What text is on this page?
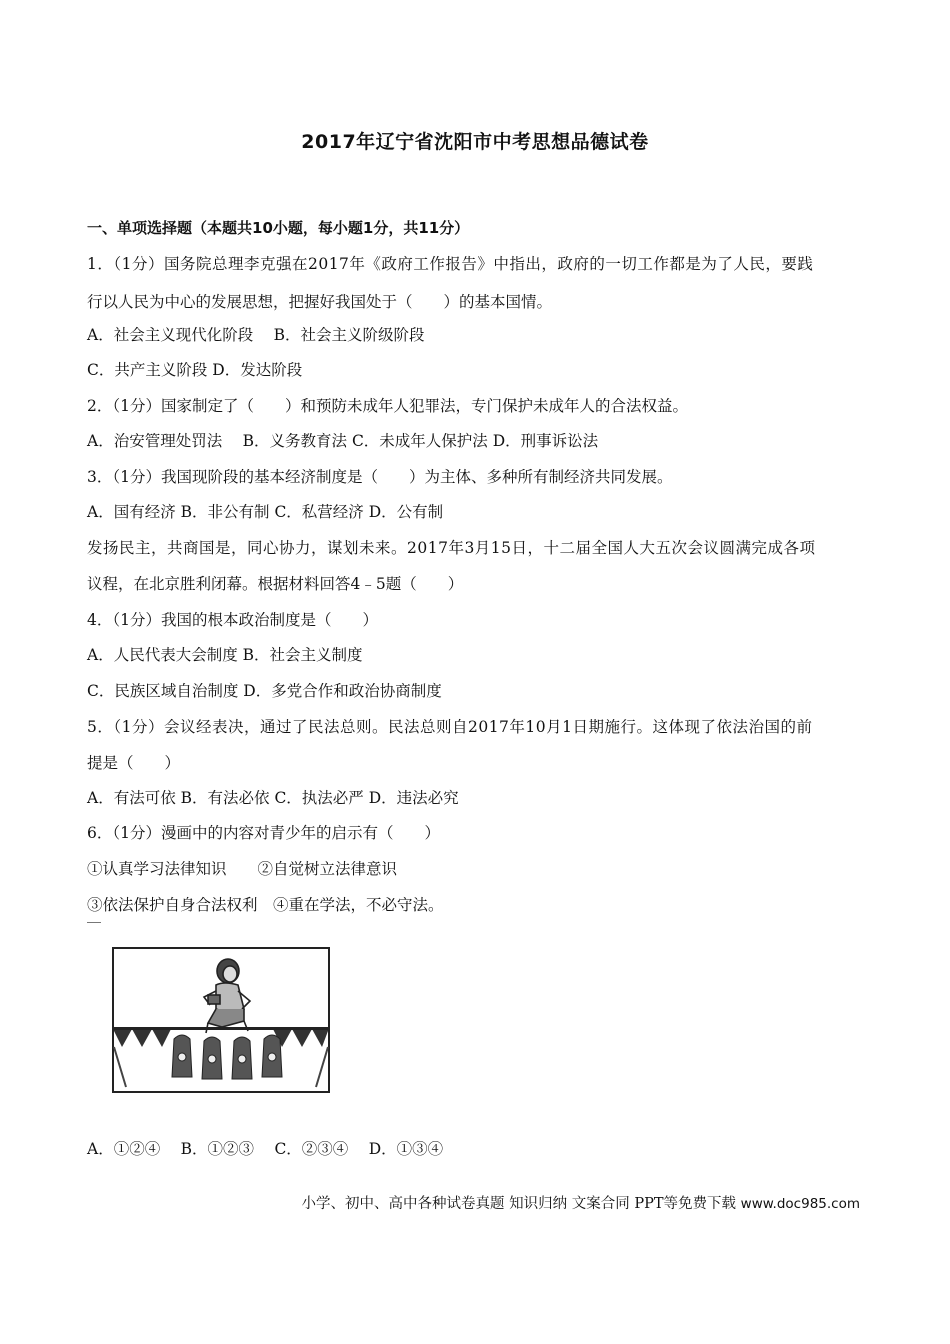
2017年辽宁省沈阳市中考思想品德试卷
一、单项选择题（本题共10小题，每小题1分，共11分）
1．（1分）国务院总理李克强在2017年《政府工作报告》中指出，政府的一切工作都是为了人民，要践
行以人民为中心的发展思想，把握好我国处于（　　）的基本国情。
A．社会主义现代化阶段　 B．社会主义阶级阶段
C．共产主义阶段 D．发达阶段
2．（1分）国家制定了（　　）和预防未成年人犯罪法，专门保护未成年人的合法权益。
A．治安管理处罚法　 B．义务教育法 C．未成年人保护法 D．刑事诉讼法
3．（1分）我国现阶段的基本经济制度是（　　）为主体、多种所有制经济共同发展。
A．国有经济 B．非公有制 C．私营经济 D．公有制
发扬民主，共商国是，同心协力，谋划未来。2017年3月15日，十二届全国人大五次会议圆满完成各项
议程，在北京胜利闭幕。根据材料回答4﹣5题（　　）
4．（1分）我国的根本政治制度是（　　）
A．人民代表大会制度 B．社会主义制度
C．民族区域自治制度 D．多党合作和政治协商制度
5．（1分）会议经表决，通过了民法总则。民法总则自2017年10月1日期施行。这体现了依法治国的前
提是（　　）
A．有法可依 B．有法必依 C．执法必严 D．违法必究
6．（1分）漫画中的内容对青少年的启示有（　　）
①认真学习法律知识　　②自觉树立法律意识
③依法保护自身合法权利　④重在学法，不必守法。
A．①②④　 B．①②③　 C．②③④　 D．①③④
小学、初中、高中各种试卷真题 知识归纳 文案合同 PPT等免费下载 www.doc985.com
